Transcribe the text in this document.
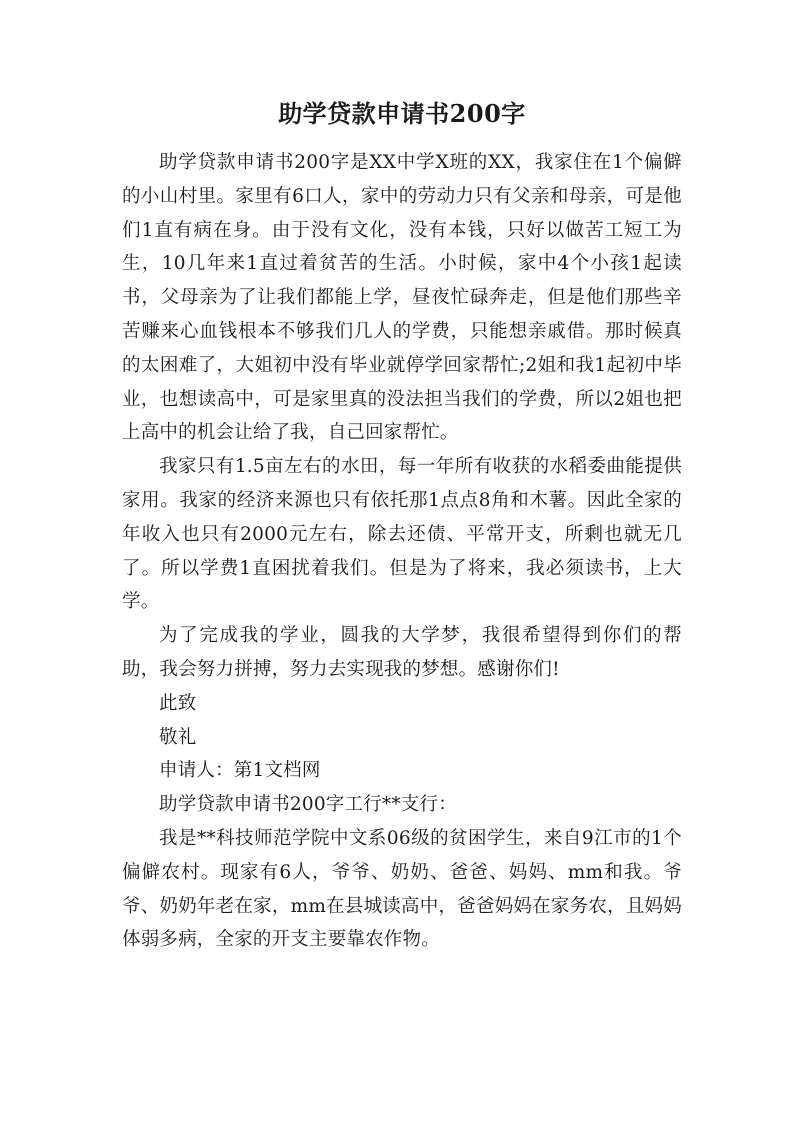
助学贷款申请书200字

助学贷款申请书200字是XX中学X班的XX，我家住在1个偏僻的小山村里。家里有6口人，家中的劳动力只有父亲和母亲，可是他们1直有病在身。由于没有文化，没有本钱，只好以做苦工短工为生，10几年来1直过着贫苦的生活。小时候，家中4个小孩1起读书，父母亲为了让我们都能上学，昼夜忙碌奔走，但是他们那些辛苦赚来心血钱根本不够我们几人的学费，只能想亲戚借。那时候真的太困难了，大姐初中没有毕业就停学回家帮忙;2姐和我1起初中毕业，也想读高中，可是家里真的没法担当我们的学费，所以2姐也把上高中的机会让给了我，自己回家帮忙。

我家只有1.5亩左右的水田，每一年所有收获的水稻委曲能提供家用。我家的经济来源也只有依托那1点点8角和木薯。因此全家的年收入也只有2000元左右，除去还债、平常开支，所剩也就无几了。所以学费1直困扰着我们。但是为了将来，我必须读书，上大学。

为了完成我的学业，圆我的大学梦，我很希望得到你们的帮助，我会努力拼搏，努力去实现我的梦想。感谢你们!

此致

敬礼

申请人：第1文档网

助学贷款申请书200字工行**支行：

我是**科技师范学院中文系06级的贫困学生，来自9江市的1个偏僻农村。现家有6人，爷爷、奶奶、爸爸、妈妈、mm和我。爷爷、奶奶年老在家，mm在县城读高中，爸爸妈妈在家务农，且妈妈体弱多病，全家的开支主要靠农作物。
